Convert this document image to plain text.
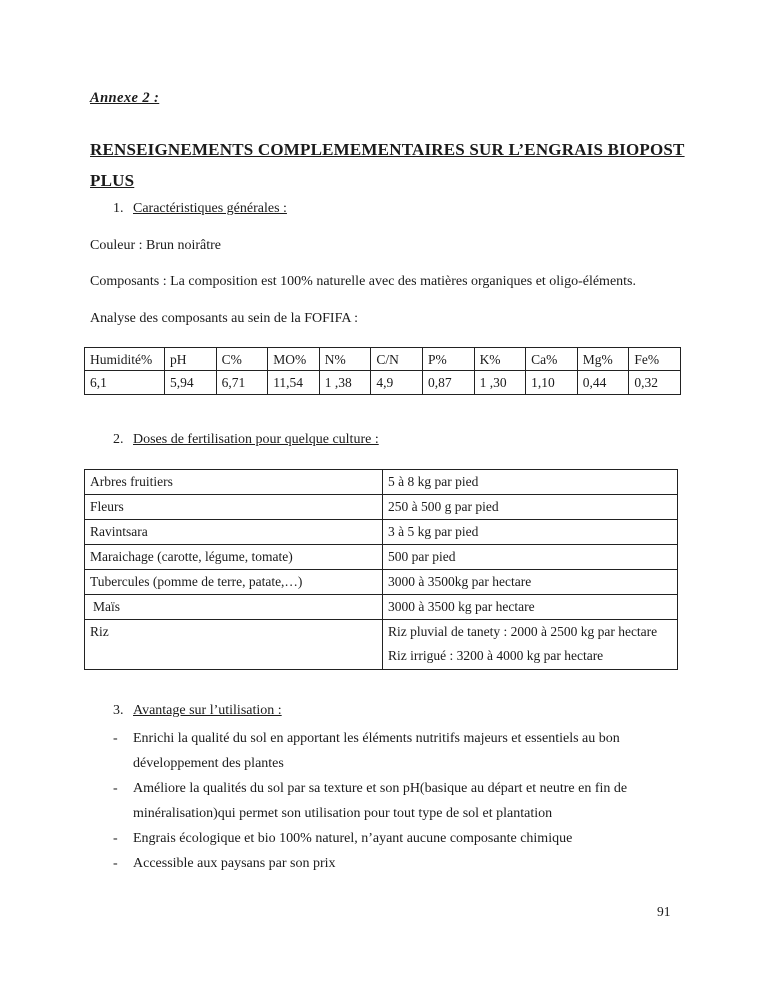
Annexe 2 :
RENSEIGNEMENTS COMPLEMEMENTAIRES SUR L’ENGRAIS BIOPOST
PLUS
1. Caractéristiques générales :
Couleur : Brun noirâtre
Composants : La composition est 100% naturelle avec des matières organiques et oligo-éléments.
Analyse des composants au sein de la FOFIFA :
Humidité%	pH	C%	MO%	N%	C/N	P%	K%	Ca%	Mg%	Fe%
6,1	5,94	6,71	11,54	1 ,38	4,9	0,87	1 ,30	1,10	0,44	0,32
2. Doses de fertilisation pour quelque culture :
Arbres fruitiers	5 à 8 kg par pied
Fleurs	250 à 500 g par pied
Ravintsara	3 à 5 kg par pied
Maraichage (carotte, légume, tomate)	500 par pied
Tubercules (pomme de terre, patate,…)	3000 à 3500kg par hectare
Maïs	3000 à 3500 kg par hectare
Riz	Riz pluvial de tanety : 2000 à 2500 kg par hectare
Riz irrigué : 3200 à 4000 kg par hectare
3. Avantage sur l’utilisation :
-	Enrichi la qualité du sol en apportant les éléments nutritifs majeurs et essentiels au bon développement des plantes
-	Améliore la qualités du sol par sa texture et son pH(basique au départ et neutre en fin de minéralisation)qui permet son utilisation pour tout type de sol et plantation
-	Engrais écologique et bio 100% naturel, n’ayant aucune composante chimique
-	Accessible aux paysans par son prix
91
